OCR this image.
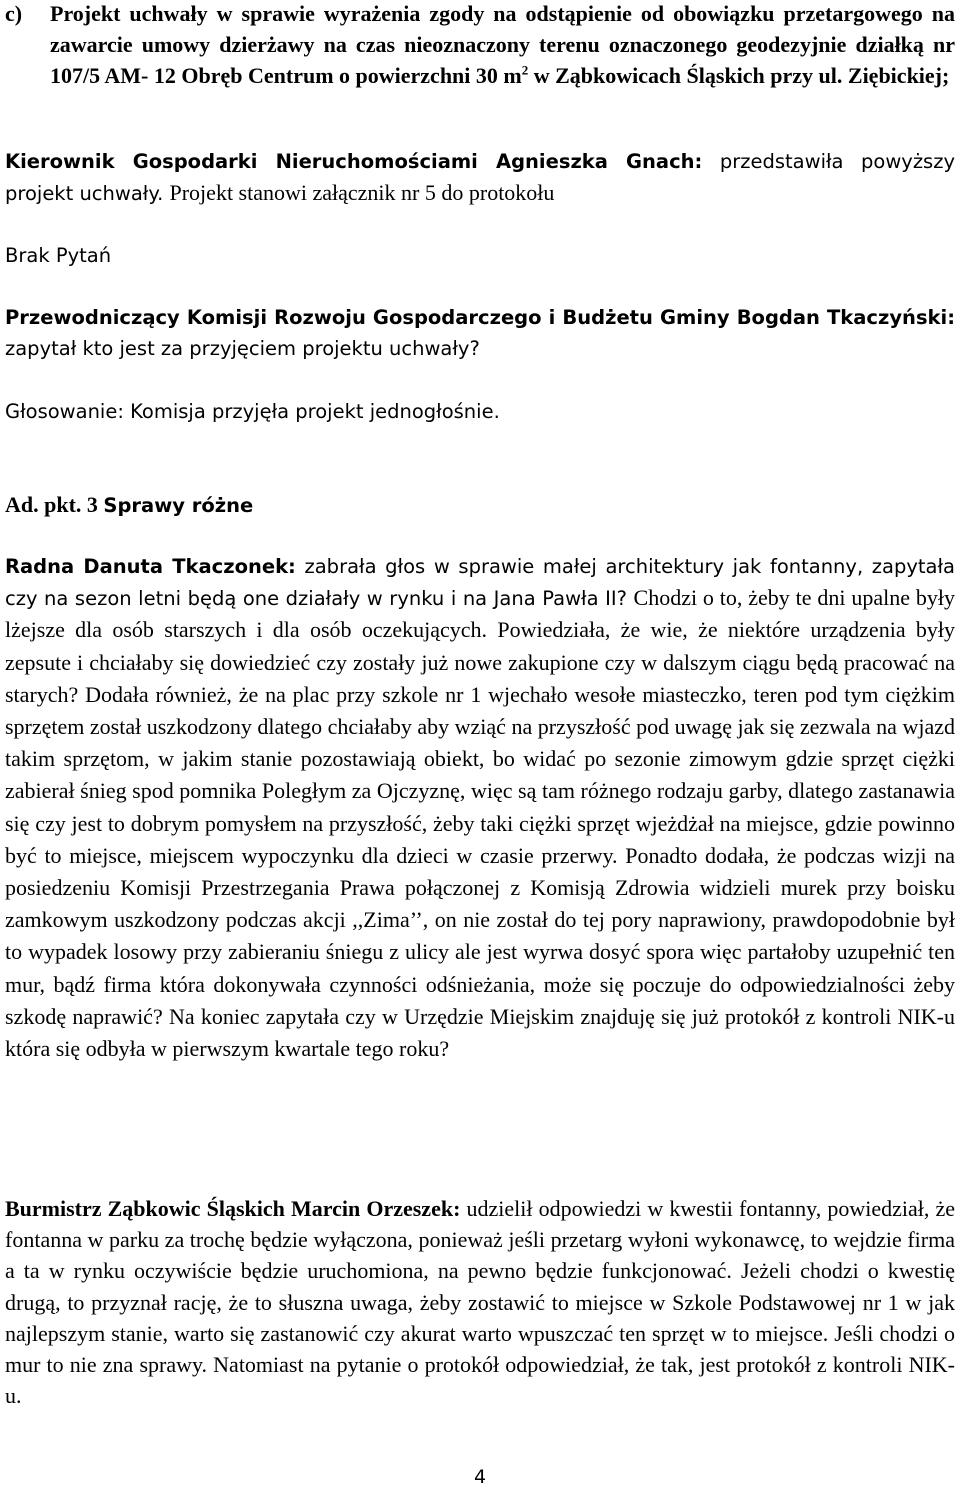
c)	Projekt uchwały w sprawie wyrażenia zgody na odstąpienie od obowiązku przetargowego na zawarcie umowy dzierżawy na czas nieoznaczony terenu oznaczonego geodezyjnie działką nr 107/5 AM- 12 Obręb Centrum o powierzchni 30 $m^2$ w Ząbkowicach Śląskich przy ul. Ziębickiej;

Kierownik Gospodarki Nieruchomościami Agnieszka Gnach: przedstawiła powyższy projekt uchwały. Projekt stanowi załącznik nr 5 do protokołu

Brak Pytań

Przewodniczący Komisji Rozwoju Gospodarczego i Budżetu Gminy Bogdan Tkaczyński: zapytał kto jest za przyjęciem projektu uchwały?

Głosowanie: Komisja przyjęła projekt jednogłośnie.

Ad. pkt. 3 Sprawy różne

Radna Danuta Tkaczonek: zabrała głos w sprawie małej architektury jak fontanny, zapytała czy na sezon letni będą one działały w rynku i na Jana Pawła II? Chodzi o to, żeby te dni upalne były lżejsze dla osób starszych i dla osób oczekujących. Powiedziała, że wie, że niektóre urządzenia były zepsute i chciałaby się dowiedzieć czy zostały już nowe zakupione czy w dalszym ciągu będą pracować na starych? Dodała również, że na plac przy szkole nr 1 wjechało wesołe miasteczko, teren pod tym ciężkim sprzętem został uszkodzony dlatego chciałaby aby wziąć na przyszłość pod uwagę jak się zezwala na wjazd takim sprzętom, w jakim stanie pozostawiają obiekt, bo widać po sezonie zimowym gdzie sprzęt ciężki zabierał śnieg spod pomnika Poległym za Ojczyznę, więc są tam różnego rodzaju garby, dlatego zastanawia się czy jest to dobrym pomysłem na przyszłość, żeby taki ciężki sprzęt wjeżdżał na miejsce, gdzie powinno być to miejsce, miejscem wypoczynku dla dzieci w czasie przerwy. Ponadto dodała, że podczas wizji na posiedzeniu Komisji Przestrzegania Prawa połączonej z Komisją Zdrowia widzieli murek przy boisku zamkowym uszkodzony podczas akcji ,,Zima’’, on nie został do tej pory naprawiony, prawdopodobnie był to wypadek losowy przy zabieraniu śniegu z ulicy ale jest wyrwa dosyć spora więc partałoby uzupełnić ten mur, bądź firma która dokonywała czynności odśnieżania, może się poczuje do odpowiedzialności żeby szkodę naprawić? Na koniec zapytała czy w Urzędzie Miejskim znajduję się już protokół z kontroli NIK-u która się odbyła w pierwszym kwartale tego roku?

Burmistrz Ząbkowic Śląskich Marcin Orzeszek: udzielił odpowiedzi w kwestii fontanny, powiedział, że fontanna w parku za trochę będzie wyłączona, ponieważ jeśli przetarg wyłoni wykonawcę, to wejdzie firma a ta w rynku oczywiście będzie uruchomiona, na pewno będzie funkcjonować. Jeżeli chodzi o kwestię drugą, to przyznał rację, że to słuszna uwaga, żeby zostawić to miejsce w Szkole Podstawowej nr 1 w jak najlepszym stanie, warto się zastanowić czy akurat warto wpuszczać ten sprzęt w to miejsce. Jeśli chodzi o mur to nie zna sprawy. Natomiast na pytanie o protokół odpowiedział, że tak, jest protokół z kontroli NIK-u.

4
